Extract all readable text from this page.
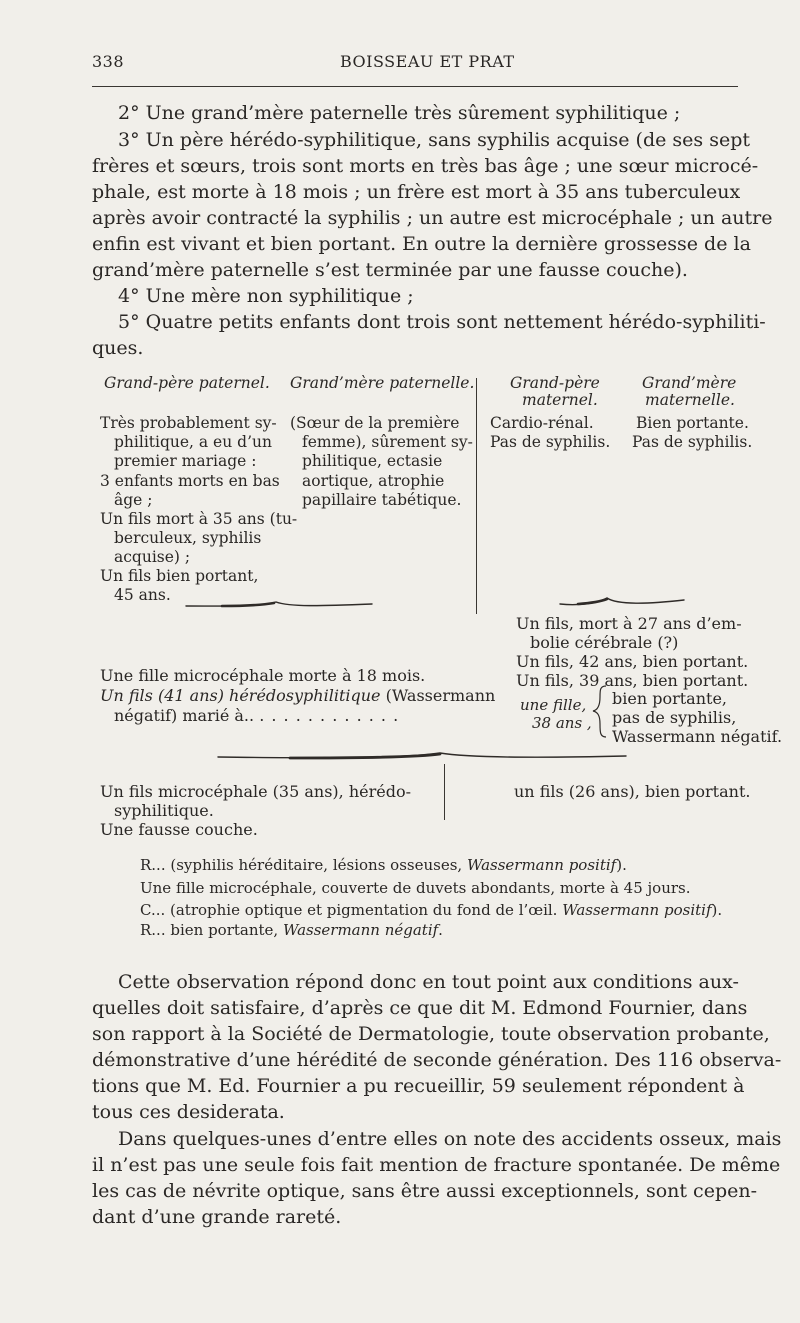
338	BOISSEAU ET PRAT
2° Une grand’mère paternelle très sûrement syphilitique ;
3° Un père hérédo-syphilitique, sans syphilis acquise (de ses sept
frères et sœurs, trois sont morts en très bas âge ; une sœur microcé-
phale, est morte à 18 mois ; un frère est mort à 35 ans tuberculeux
après avoir contracté la syphilis ; un autre est microcéphale ; un autre
enfin est vivant et bien portant. En outre la dernière grossesse de la
grand’mère paternelle s’est terminée par une fausse couche).
4° Une mère non syphilitique ;
5° Quatre petits enfants dont trois sont nettement hérédo-syphiliti-
ques.
Grand-père paternel. Grand’mère paternelle. Grand-père
maternel.
Grand’mère
maternelle.
Très probablement sy-
philitique, a eu d’un
premier mariage :
3 enfants morts en bas
âge ;
Un fils mort à 35 ans (tu-
berculeux, syphilis
acquise) ;
Un fils bien portant,
45 ans.
(Sœur de la première
femme), sûrement sy-
philitique, ectasie
aortique, atrophie
papillaire tabétique.
Cardio-rénal.
Pas de syphilis.
Bien portante.
Pas de syphilis.
Un fils, mort à 27 ans d’em-
bolie cérébrale (?)
Un fils, 42 ans, bien portant.
Un fils, 39 ans, bien portant.
Une fille microcéphale morte à 18 mois.
Un fils (41 ans) hérédosyphilitique (Wassermann
négatif) marié à.. . . . . . . . . . . . .
une fille,
38 ans ,
bien portante,
pas de syphilis,
Wassermann négatif.
Un fils microcéphale (35 ans), hérédo-
syphilitique.
Une fausse couche.
un fils (26 ans), bien portant.
R... (syphilis héréditaire, lésions osseuses, Wassermann positif).
Une fille microcéphale, couverte de duvets abondants, morte à 45 jours.
C... (atrophie optique et pigmentation du fond de l’œil. Wassermann positif).
R... bien portante, Wassermann négatif.
Cette observation répond donc en tout point aux conditions aux-
quelles doit satisfaire, d’après ce que dit M. Edmond Fournier, dans
son rapport à la Société de Dermatologie, toute observation probante,
démonstrative d’une hérédité de seconde génération. Des 116 observa-
tions que M. Ed. Fournier a pu recueillir, 59 seulement répondent à
tous ces desiderata.
Dans quelques-unes d’entre elles on note des accidents osseux, mais
il n’est pas une seule fois fait mention de fracture spontanée. De même
les cas de névrite optique, sans être aussi exceptionnels, sont cepen-
dant d’une grande rareté.
